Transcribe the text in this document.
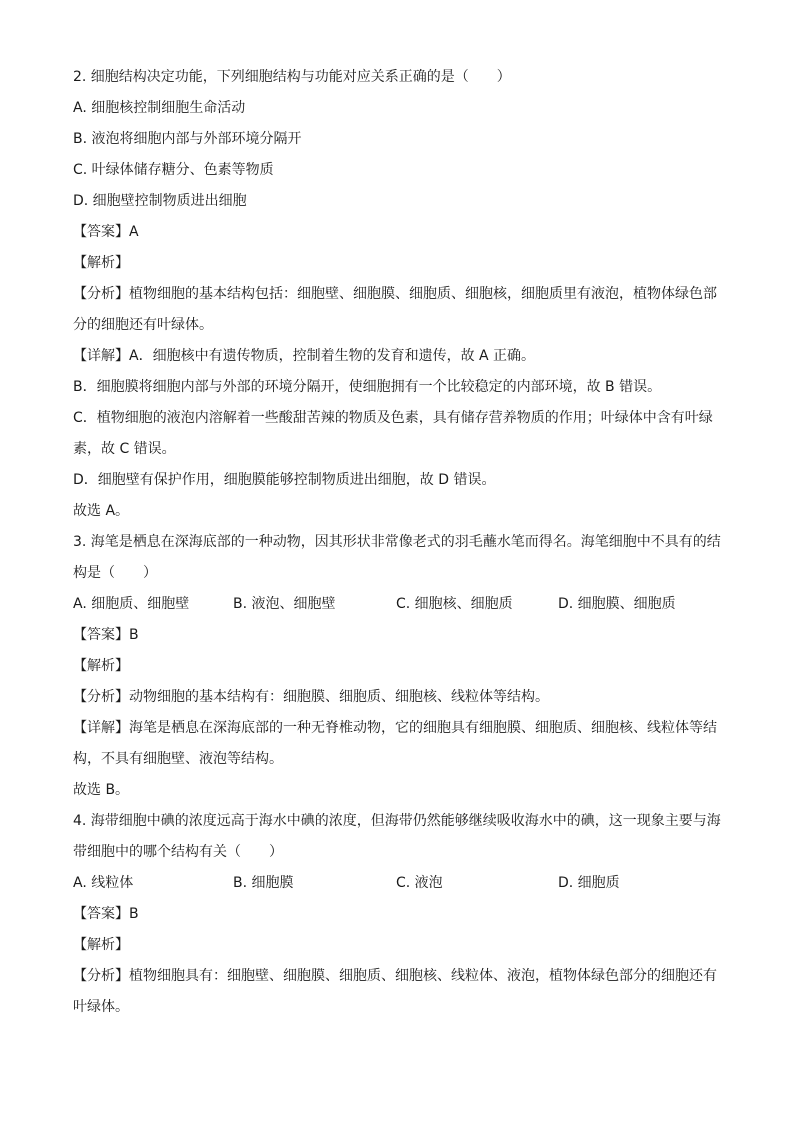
2. 细胞结构决定功能，下列细胞结构与功能对应关系正确的是（　　）
A. 细胞核控制细胞生命活动
B. 液泡将细胞内部与外部环境分隔开
C. 叶绿体储存糖分、色素等物质
D. 细胞壁控制物质进出细胞
【答案】A
【解析】
【分析】植物细胞的基本结构包括：细胞壁、细胞膜、细胞质、细胞核，细胞质里有液泡，植物体绿色部
分的细胞还有叶绿体。
【详解】A．细胞核中有遗传物质，控制着生物的发育和遗传，故 A 正确。
B．细胞膜将细胞内部与外部的环境分隔开，使细胞拥有一个比较稳定的内部环境，故 B 错误。
C．植物细胞的液泡内溶解着一些酸甜苦辣的物质及色素，具有储存营养物质的作用；叶绿体中含有叶绿
素，故 C 错误。
D．细胞壁有保护作用，细胞膜能够控制物质进出细胞，故 D 错误。
故选 A。
3. 海笔是栖息在深海底部的一种动物，因其形状非常像老式的羽毛蘸水笔而得名。海笔细胞中不具有的结
构是（　　）
A. 细胞质、细胞壁	B. 液泡、细胞壁	C. 细胞核、细胞质	D. 细胞膜、细胞质
【答案】B
【解析】
【分析】动物细胞的基本结构有：细胞膜、细胞质、细胞核、线粒体等结构。
【详解】海笔是栖息在深海底部的一种无脊椎动物，它的细胞具有细胞膜、细胞质、细胞核、线粒体等结
构，不具有细胞壁、液泡等结构。
故选 B。
4. 海带细胞中碘的浓度远高于海水中碘的浓度，但海带仍然能够继续吸收海水中的碘，这一现象主要与海
带细胞中的哪个结构有关（　　）
A. 线粒体	B. 细胞膜	C. 液泡	D. 细胞质
【答案】B
【解析】
【分析】植物细胞具有：细胞壁、细胞膜、细胞质、细胞核、线粒体、液泡，植物体绿色部分的细胞还有
叶绿体。
